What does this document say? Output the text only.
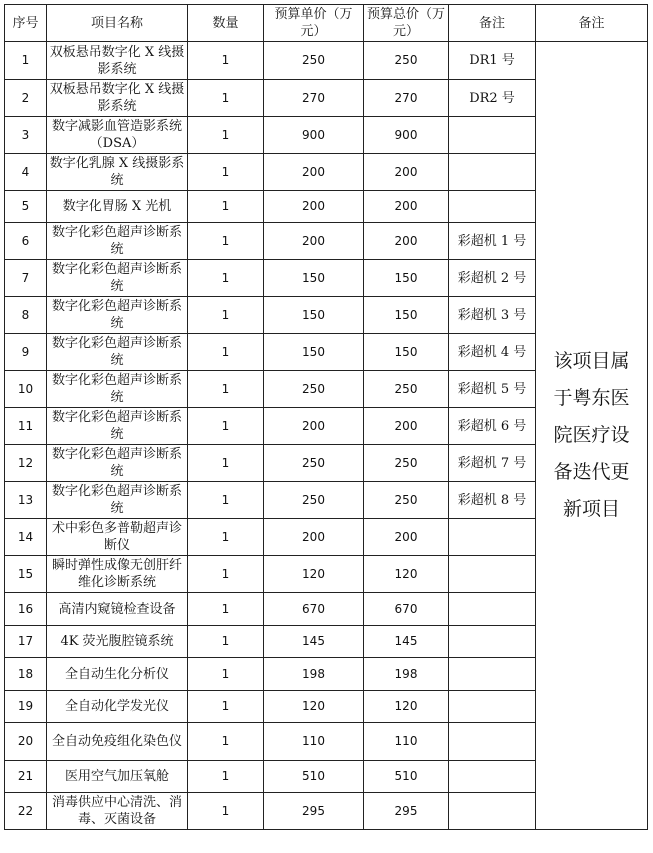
序号	项目名称	数量	预算单价（万元）	预算总价（万元）	备注	备注
1	双板悬吊数字化 X 线摄影系统	1	250	250	DR1 号	该项目属于粤东医院医疗设备迭代更新项目
2	双板悬吊数字化 X 线摄影系统	1	270	270	DR2 号	
3	数字减影血管造影系统（DSA）	1	900	900		
4	数字化乳腺 X 线摄影系统	1	200	200		
5	数字化胃肠 X 光机	1	200	200		
6	数字化彩色超声诊断系统	1	200	200	彩超机 1 号	
7	数字化彩色超声诊断系统	1	150	150	彩超机 2 号	
8	数字化彩色超声诊断系统	1	150	150	彩超机 3 号	
9	数字化彩色超声诊断系统	1	150	150	彩超机 4 号	
10	数字化彩色超声诊断系统	1	250	250	彩超机 5 号	
11	数字化彩色超声诊断系统	1	200	200	彩超机 6 号	
12	数字化彩色超声诊断系统	1	250	250	彩超机 7 号	
13	数字化彩色超声诊断系统	1	250	250	彩超机 8 号	
14	术中彩色多普勒超声诊断仪	1	200	200		
15	瞬时弹性成像无创肝纤维化诊断系统	1	120	120		
16	高清内窥镜检查设备	1	670	670		
17	4K 荧光腹腔镜系统	1	145	145		
18	全自动生化分析仪	1	198	198		
19	全自动化学发光仪	1	120	120		
20	全自动免疫组化染色仪	1	110	110		
21	医用空气加压氧舱	1	510	510		
22	消毒供应中心清洗、消毒、灭菌设备	1	295	295		
